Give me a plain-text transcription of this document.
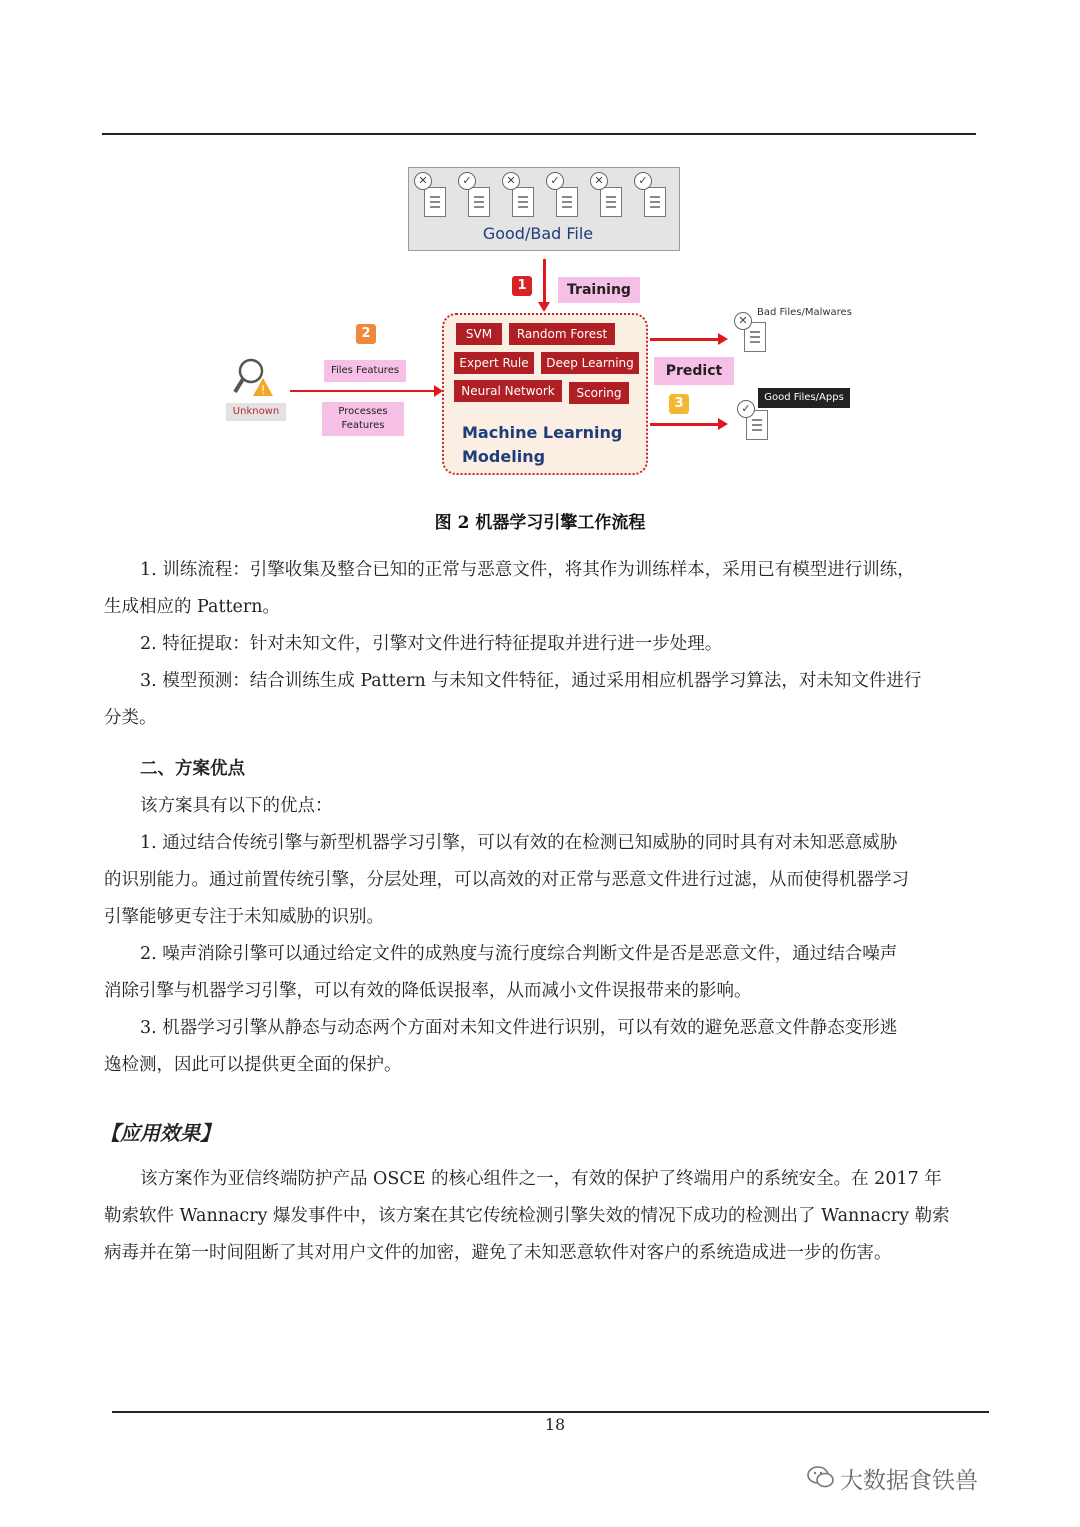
✕	✓	✕	✓	✕	✓
Good/Bad File
1	Training
!
Unknown
2
Files Features
Processes Features
SVM	Random Forest
Expert Rule	Deep Learning
Neural Network	Scoring
Machine Learning
Modeling
Predict
3
✕
Bad Files/Malwares
✓
Good Files/Apps
图 2 机器学习引擎工作流程
1. 训练流程：引擎收集及整合已知的正常与恶意文件，将其作为训练样本，采用已有模型进行训练，
生成相应的 Pattern。
2. 特征提取：针对未知文件，引擎对文件进行特征提取并进行进一步处理。
3. 模型预测：结合训练生成 Pattern 与未知文件特征，通过采用相应机器学习算法，对未知文件进行
分类。
二、方案优点
该方案具有以下的优点：
1. 通过结合传统引擎与新型机器学习引擎，可以有效的在检测已知威胁的同时具有对未知恶意威胁
的识别能力。通过前置传统引擎，分层处理，可以高效的对正常与恶意文件进行过滤，从而使得机器学习
引擎能够更专注于未知威胁的识别。
2. 噪声消除引擎可以通过给定文件的成熟度与流行度综合判断文件是否是恶意文件，通过结合噪声
消除引擎与机器学习引擎，可以有效的降低误报率，从而减小文件误报带来的影响。
3. 机器学习引擎从静态与动态两个方面对未知文件进行识别，可以有效的避免恶意文件静态变形逃
逸检测，因此可以提供更全面的保护。
【应用效果】
该方案作为亚信终端防护产品 OSCE 的核心组件之一，有效的保护了终端用户的系统安全。在 2017 年
勒索软件 Wannacry 爆发事件中，该方案在其它传统检测引擎失效的情况下成功的检测出了 Wannacry 勒索
病毒并在第一时间阻断了其对用户文件的加密，避免了未知恶意软件对客户的系统造成进一步的伤害。
18
大数据食铁兽
